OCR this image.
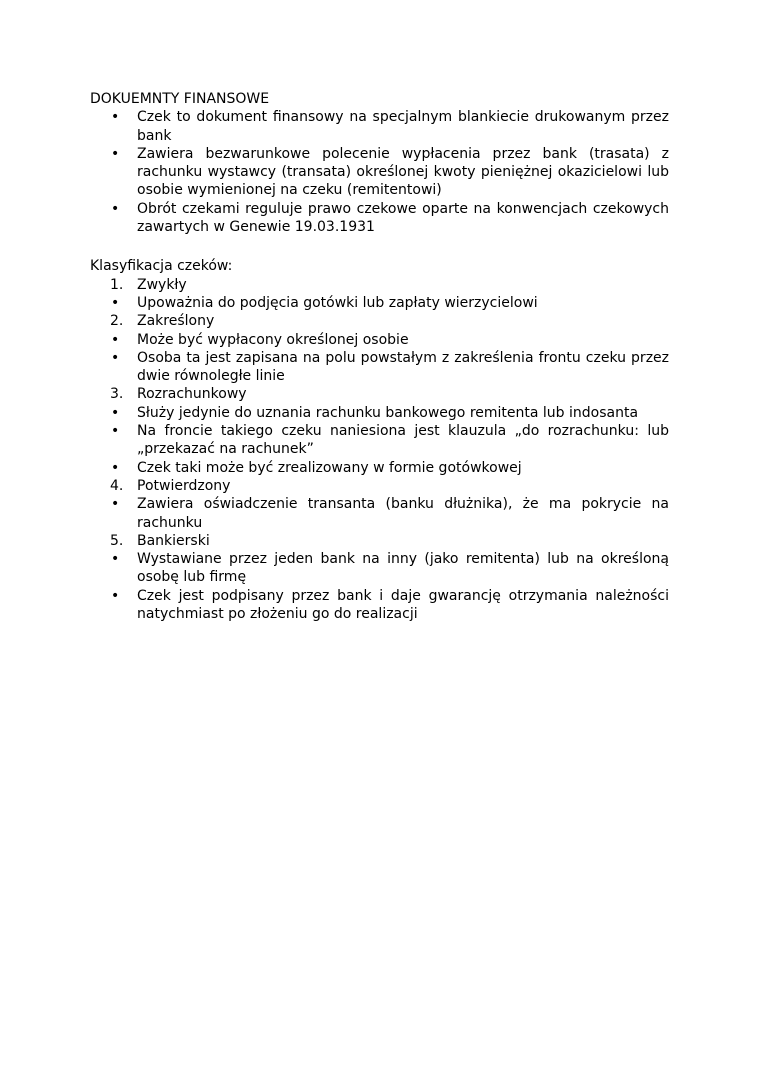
DOKUEMNTY FINANSOWE

•	Czek to dokument finansowy na specjalnym blankiecie drukowanym przez bank
•	Zawiera bezwarunkowe polecenie wypłacenia przez bank (trasata) z rachunku wystawcy (transata) określonej kwoty pieniężnej okazicielowi lub osobie wymienionej na czeku (remitentowi)
•	Obrót czekami reguluje prawo czekowe oparte na konwencjach czekowych zawartych w Genewie 19.03.1931

Klasyfikacja czeków:

1. Zwykły
•	Upoważnia do podjęcia gotówki lub zapłaty wierzycielowi
2. Zakreślony
•	Może być wypłacony określonej osobie
•	Osoba ta jest zapisana na polu powstałym z zakreślenia frontu czeku przez dwie równoległe linie
3. Rozrachunkowy
•	Służy jedynie do uznania rachunku bankowego remitenta lub indosanta
•	Na froncie takiego czeku naniesiona jest klauzula „do rozrachunku: lub „przekazać na rachunek”
•	Czek taki może być zrealizowany w formie gotówkowej
4. Potwierdzony
•	Zawiera oświadczenie transanta (banku dłużnika), że ma pokrycie na rachunku
5. Bankierski
•	Wystawiane przez jeden bank na inny (jako remitenta) lub na określoną osobę lub firmę
•	Czek jest podpisany przez bank i daje gwarancję otrzymania należności natychmiast po złożeniu go do realizacji
